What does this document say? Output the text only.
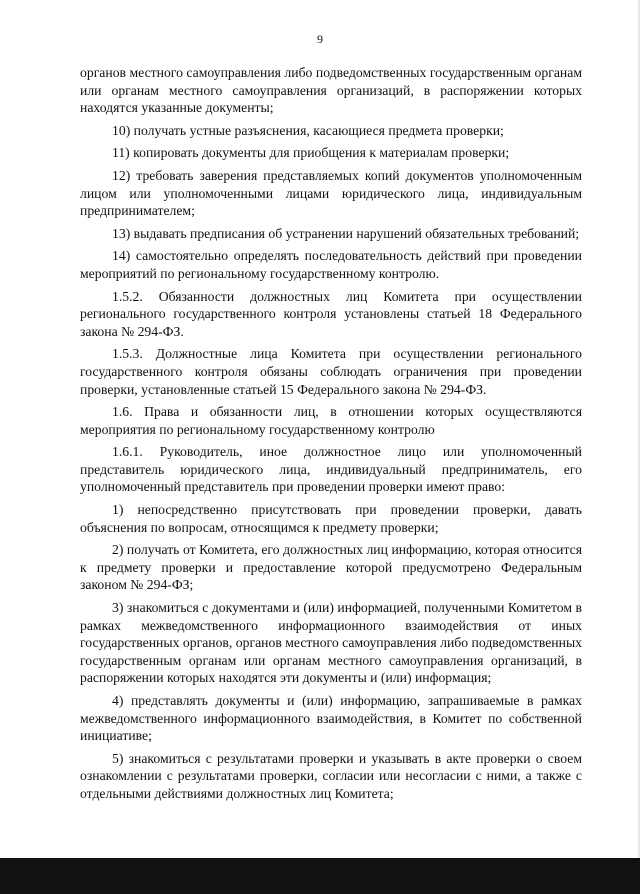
9

органов местного самоуправления либо подведомственных государственным органам или органам местного самоуправления организаций, в распоряжении которых находятся указанные документы;

10) получать устные разъяснения, касающиеся предмета проверки;

11) копировать документы для приобщения к материалам проверки;

12) требовать заверения представляемых копий документов уполномоченным лицом или уполномоченными лицами юридического лица, индивидуальным предпринимателем;

13) выдавать предписания об устранении нарушений обязательных требований;

14) самостоятельно определять последовательность действий при проведении мероприятий по региональному государственному контролю.

1.5.2. Обязанности должностных лиц Комитета при осуществлении регионального государственного контроля установлены статьей 18 Федерального закона № 294-ФЗ.

1.5.3. Должностные лица Комитета при осуществлении регионального государственного контроля обязаны соблюдать ограничения при проведении проверки, установленные статьей 15 Федерального закона № 294-ФЗ.

1.6. Права и обязанности лиц, в отношении которых осуществляются мероприятия по региональному государственному контролю

1.6.1. Руководитель, иное должностное лицо или уполномоченный представитель юридического лица, индивидуальный предприниматель, его уполномоченный представитель при проведении проверки имеют право:

1) непосредственно присутствовать при проведении проверки, давать объяснения по вопросам, относящимся к предмету проверки;

2) получать от Комитета, его должностных лиц информацию, которая относится к предмету проверки и предоставление которой предусмотрено Федеральным законом № 294-ФЗ;

3) знакомиться с документами и (или) информацией, полученными Комитетом в рамках межведомственного информационного взаимодействия от иных государственных органов, органов местного самоуправления либо подведомственных государственным органам или органам местного самоуправления организаций, в распоряжении которых находятся эти документы и (или) информация;

4) представлять документы и (или) информацию, запрашиваемые в рамках межведомственного информационного взаимодействия, в Комитет по собственной инициативе;

5) знакомиться с результатами проверки и указывать в акте проверки о своем ознакомлении с результатами проверки, согласии или несогласии с ними, а также с отдельными действиями должностных лиц Комитета;
